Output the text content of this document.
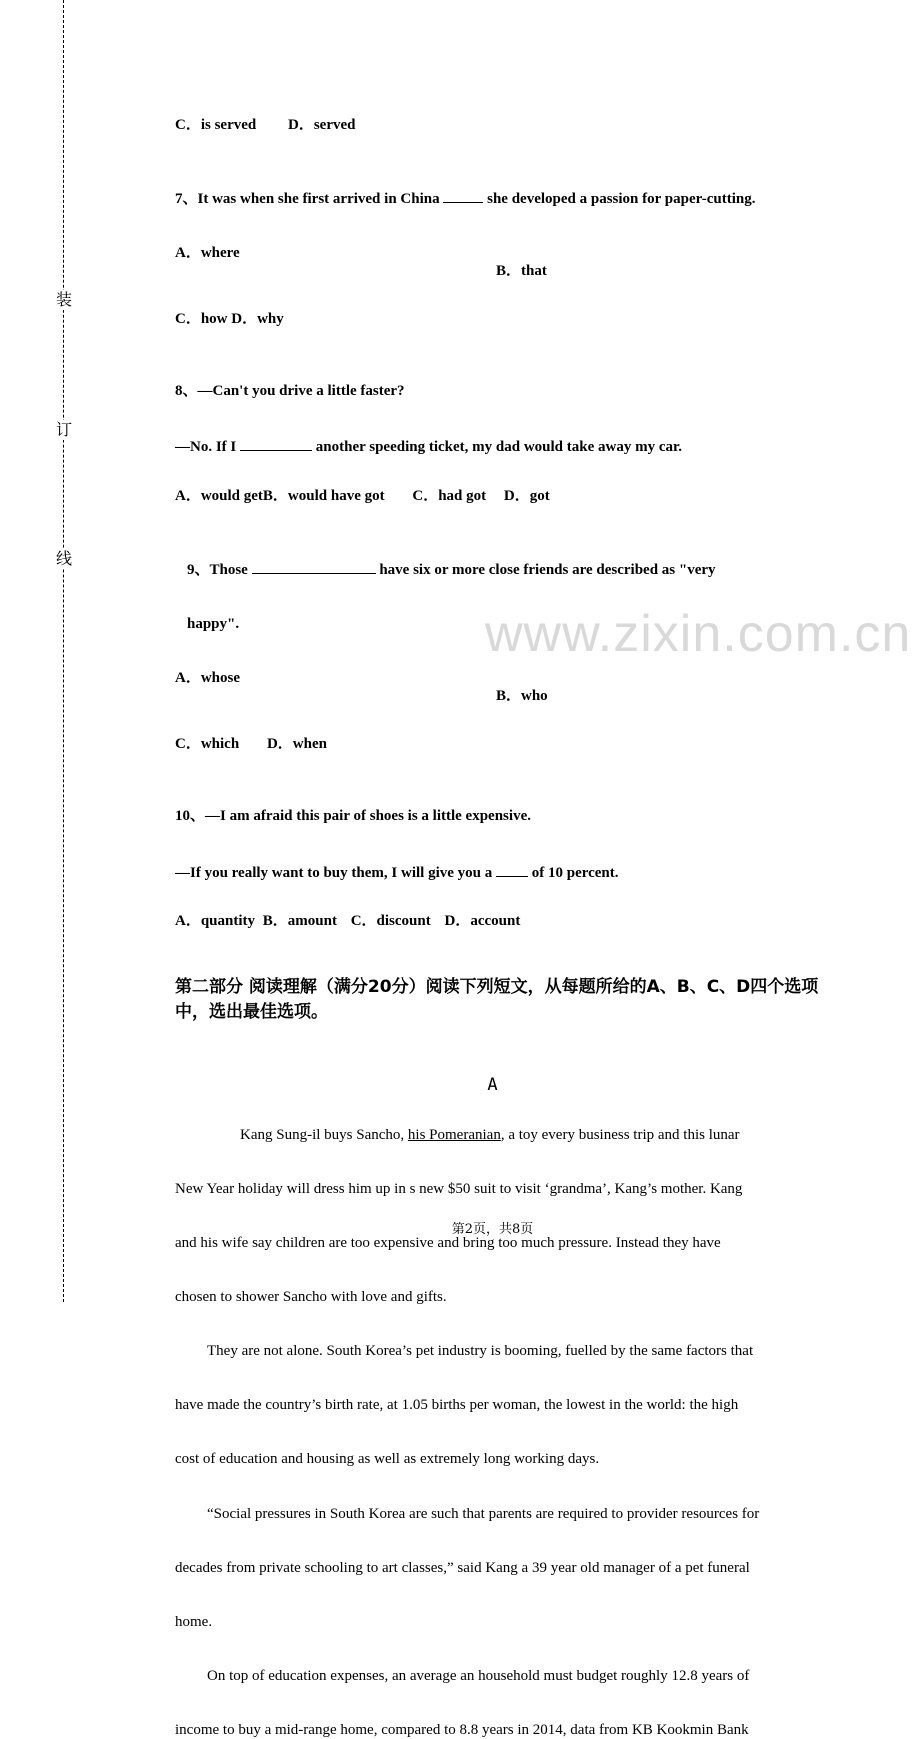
装
订
线
www.zixin.com.cn
C．is served D．served
7、It was when she first arrived in China	she developed a passion for paper-cutting.
A．where
B．that
C．how D．why
8、—Can't you drive a little faster?
—No. If I	another speeding ticket, my dad would take away my car.
A．would getB．would have got C．had got D．got
9、Those	have six or more close friends are described as "very
happy".
A．whose
B．who
C．which D．when
10、—I am afraid this pair of shoes is a little expensive.
—If you really want to buy them, I will give you a	of 10 percent.
A．quantity B．amount C．discount D．account
第二部分 阅读理解（满分20分）阅读下列短文，从每题所给的A、B、C、D四个选项中，选出最佳选项。
A
Kang Sung-il buys Sancho, his Pomeranian, a toy every business trip and this lunar
New Year holiday will dress him up in s new $50 suit to visit ‘grandma’, Kang’s mother. Kang
and his wife say children are too expensive and bring too much pressure. Instead they have
chosen to shower Sancho with love and gifts.
They are not alone. South Korea’s pet industry is booming, fuelled by the same factors that
have made the country’s birth rate, at 1.05 births per woman, the lowest in the world: the high
cost of education and housing as well as extremely long working days.
“Social pressures in South Korea are such that parents are required to provider resources for
decades from private schooling to art classes,” said Kang a 39 year old manager of a pet funeral
home.
On top of education expenses, an average an household must budget roughly 12.8 years of
income to buy a mid-range home, compared to 8.8 years in 2014, data from KB Kookmin Bank
第2页，共8页
